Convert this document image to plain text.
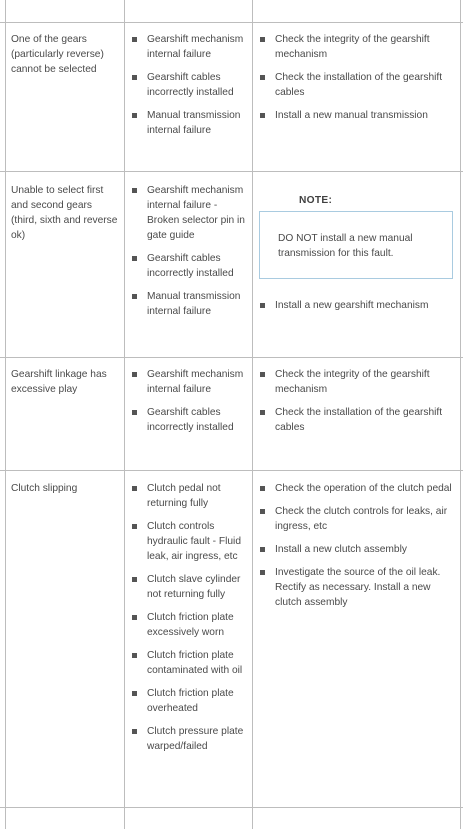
One of the gears (particularly reverse) cannot be selected
Gearshift mechanism internal failure
Gearshift cables incorrectly installed
Manual transmission internal failure
Check the integrity of the gearshift mechanism
Check the installation of the gearshift cables
Install a new manual transmission
Unable to select first and second gears (third, sixth and reverse ok)
Gearshift mechanism internal failure - Broken selector pin in gate guide
Gearshift cables incorrectly installed
Manual transmission internal failure
NOTE:
DO NOT install a new manual transmission for this fault.
Install a new gearshift mechanism
Gearshift linkage has excessive play
Gearshift mechanism internal failure
Gearshift cables incorrectly installed
Check the integrity of the gearshift mechanism
Check the installation of the gearshift cables
Clutch slipping	Clutch pedal not returning fully
Clutch controls hydraulic fault - Fluid leak, air ingress, etc
Clutch slave cylinder not returning fully
Clutch friction plate excessively worn
Clutch friction plate contaminated with oil
Clutch friction plate overheated
Clutch pressure plate warped/failed
Check the operation of the clutch pedal
Check the clutch controls for leaks, air ingress, etc
Install a new clutch assembly
Investigate the source of the oil leak. Rectify as necessary. Install a new clutch assembly
